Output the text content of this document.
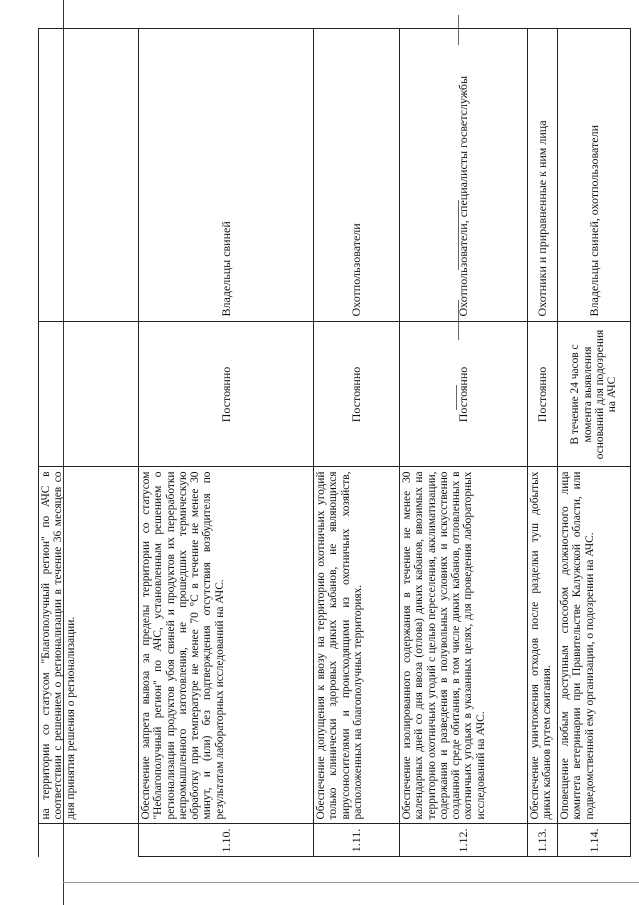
		на территории со статусом "Благополучный регион" по АЧС в соответствии с решением о регионализации в течение 36 месяцев со дня принятия решения о регионализации.		
	1.10.	Обеспечение запрета вывоза за пределы территории со статусом "Неблагополучный регион" по АЧС, установленным решением о регионализации продуктов убоя свиней и продуктов их переработки непромышленного изготовления, не прошедших термическую обработку при температуре не менее 70 °С в течение не менее 30 минут, и (или) без подтверждения отсутствия возбудителя по результатам лабораторных исследований на АЧС.	Постоянно	Владельцы свиней
	1.11.	Обеспечение допущения к ввозу на территорию охотничьих угодий только клинически здоровых диких кабанов, не являющихся вирусоносителями и происходящими из охотничьих хозяйств, расположенных на благополучных территориях.	Постоянно	Охотпользователи
	1.12.	Обеспечение изолированного содержания в течение не менее 30 календарных дней со дня ввоза (отлова) диких кабанов, ввозимых на территорию охотничьих угодий с целью переселения, акклиматизации, содержания и разведения в полувольных условиях и искусственно созданной среде обитания, в том числе диких кабанов, отловленных в охотничьих угодьях в указанных целях, для проведения лабораторных исследований на АЧС.	Постоянно	Охотпользователи, специалисты госветслужбы
	1.13.	Обеспечение уничтожения отходов после разделки туш добытых диких кабанов путем сжигания.	Постоянно	Охотники и приравненные к ним лица
	1.14.	Оповещение любым доступным способом должностного лица комитета ветеринарии при Правительстве Калужской области, или подведомственной ему организации, о подозрении на АЧС.	В течение 24 часов с момента выявления оснований для подозрения на АЧС	Владельцы свиней, охотпользователи
